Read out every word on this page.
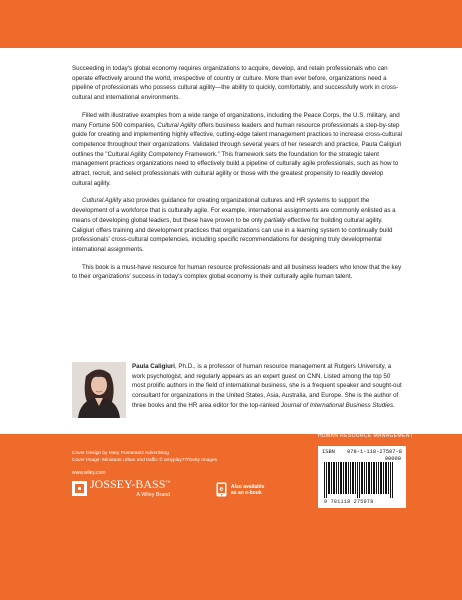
Succeeding in today's global economy requires organizations to acquire, develop, and retain professionals who can operate effectively around the world, irrespective of country or culture. More than ever before, organizations need a pipeline of professionals who possess cultural agility—the ability to quickly, comfortably, and successfully work in cross-cultural and international environments.

Filled with illustrative examples from a wide range of organizations, including the Peace Corps, the U.S. military, and many Fortune 500 companies, Cultural Agility offers business leaders and human resource professionals a step-by-step guide for creating and implementing highly effective, cutting-edge talent management practices to increase cross-cultural competence throughout their organizations. Validated through several years of her research and practice, Paula Caligiuri outlines the "Cultural Agility Competency Framework." This framework sets the foundation for the strategic talent management practices organizations need to effectively build a pipeline of culturally agile professionals, such as how to attract, recruit, and select professionals with cultural agility or those with the greatest propensity to readily develop cultural agility.

Cultural Agility also provides guidance for creating organizational cultures and HR systems to support the development of a workforce that is culturally agile. For example, international assignments are commonly enlisted as a means of developing global leaders, but these have proven to be only partially effective for building cultural agility. Caligiuri offers training and development practices that organizations can use in a learning system to continually build professionals' cross-cultural competencies, including specific recommendations for designing truly developmental international assignments.

This book is a must-have resource for human resource professionals and all business leaders who know that the key to their organizations' success in today's complex global economy is their culturally agile human talent.

Paula Caligiuri, Ph.D., is a professor of human resource management at Rutgers University, a work psychologist, and regularly appears as an expert guest on CNN. Listed among the top 50 most prolific authors in the field of international business, she is a frequent speaker and sought-out consultant for organizations in the United States, Asia, Australia, and Europe. She is the author of three books and the HR area editor for the top-ranked Journal of International Business Studies.
HUMAN RESOURCE MANAGEMENT
ISBN 978-1-118-27507-8
90000
9 781118 275078
Cover Design by Mary Pomerantz Advertising
Cover Image: Miniature urban and traffic © amyplay77/Getty Images
www.wiley.com
JOSSEY-BASS™
A Wiley Brand
e Also available
as an e-book
